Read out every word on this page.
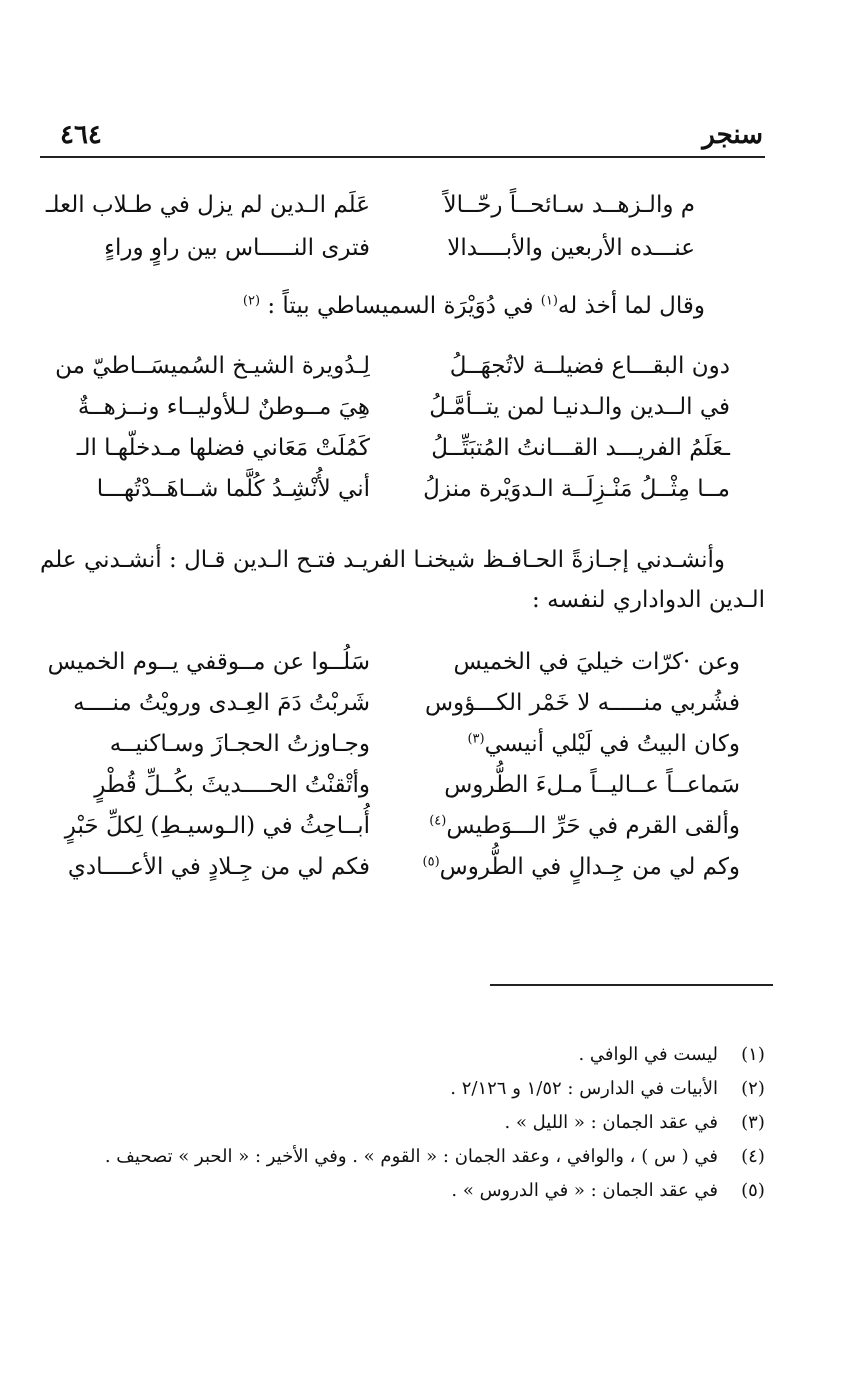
سنجر
٤٦٤
عَلَم الـدين لم يزل في طـلاب العلـ	م والـزهــد سـائحــاً رحّــالاً
فترى النـــــاس بين راوٍ وراءٍ	عنـــده الأربعين والأبــــدالا
وقال لما أخذ له$^{(١)}$ في دُوَيْرَة السميساطي بيتاً : $^{(٢)}$
لِـدُويرة الشيـخ السُميسَــاطيّ من	دون البقـــاع فضيلــة لاتُجهَــلُ
هِيَ مــوطنٌ لـلأوليــاء ونــزهــةٌ	في الــدين والـدنيـا لمن يتــأمَّـلُ
كَمُلَتْ مَعَاني فضلها مـدخلّهـا الـ	ـعَلَمُ الفريـــد القـــانتُ المُتبَتِّــلُ
أني لأُنْشِـدُ كُلَّما شــاهَــدْتُهـــا	مــا مِثْــلُ مَنْـزِلَــة الـدوَيْرة منزلُ
وأنشـدني إجـازةً الحـافـظ شيخنـا الفريـد فتـح الـدين قـال : أنشـدني علم الـدين الدواداري لنفسه :
سَلُــوا عن مــوقفي يــوم الخميس	وعن ·كرّات خيليَ في الخميس
شَربْتُ دَمَ العِـدى ورويْتُ منــــه	فشُربي منـــــه لا خَمْر الكـــؤوس
وجـاوزتُ الحجـازَ وسـاكنيــه	وكان البيتُ في لَيْلي أنيسي$^{(٣)}$
وأتْقنْتُ الحــــديثَ بكُــلِّ قُطْرٍ	سَماعــاً عــاليــاً مـلءَ الطُّروس
أُبــاحِثُ في (الـوسيـطِ) لِكلِّ حَبْرٍ	وألقى القرم في حَرِّ الـــوَطيس$^{(٤)}$
فكم لي من جِـلادٍ في الأعــــادي	وكم لي من جِـدالٍ في الطُّروس$^{(٥)}$
(١)
ليست في الوافي .
(٢)
الأبيات في الدارس : ١/٥٢ و ٢/١٢٦ .
(٣)
في عقد الجمان : « الليل » .
(٤)
في ( س ) ، والوافي ، وعقد الجمان : « القوم » . وفي الأخير : « الحبر » تصحيف .
(٥)
في عقد الجمان : « في الدروس » .
